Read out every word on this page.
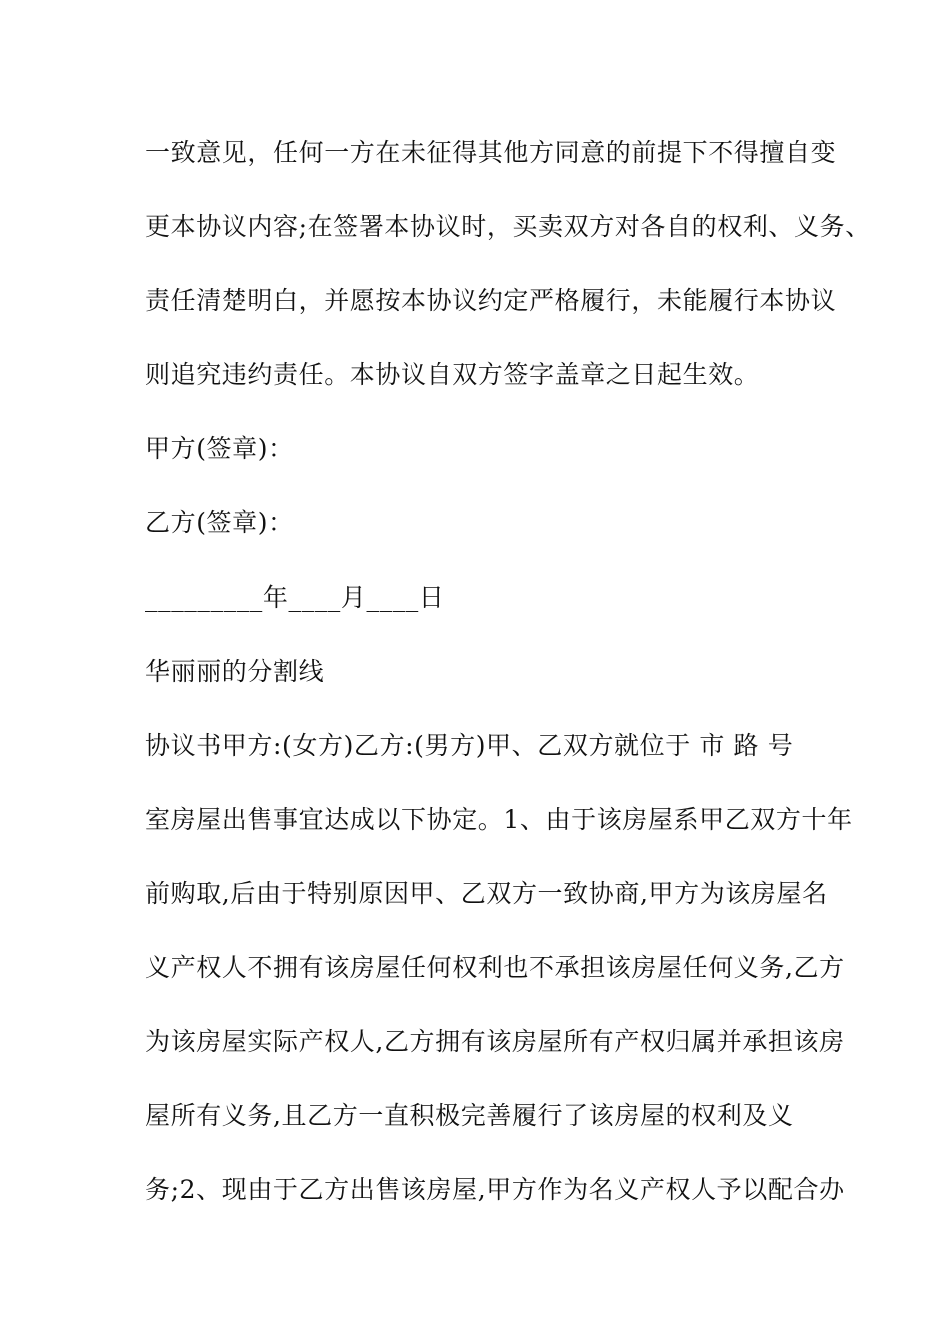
一致意见，任何一方在未征得其他方同意的前提下不得擅自变
更本协议内容;在签署本协议时，买卖双方对各自的权利、义务、
责任清楚明白，并愿按本协议约定严格履行，未能履行本协议
则追究违约责任。本协议自双方签字盖章之日起生效。
甲方(签章)：
乙方(签章)：
_________年____月____日
华丽丽的分割线
协议书甲方:(女方)乙方:(男方)甲、乙双方就位于 市 路 号
室房屋出售事宜达成以下协定。1、由于该房屋系甲乙双方十年
前购取,后由于特别原因甲、乙双方一致协商,甲方为该房屋名
义产权人不拥有该房屋任何权利也不承担该房屋任何义务,乙方
为该房屋实际产权人,乙方拥有该房屋所有产权归属并承担该房
屋所有义务,且乙方一直积极完善履行了该房屋的权利及义
务;2、现由于乙方出售该房屋,甲方作为名义产权人予以配合办
